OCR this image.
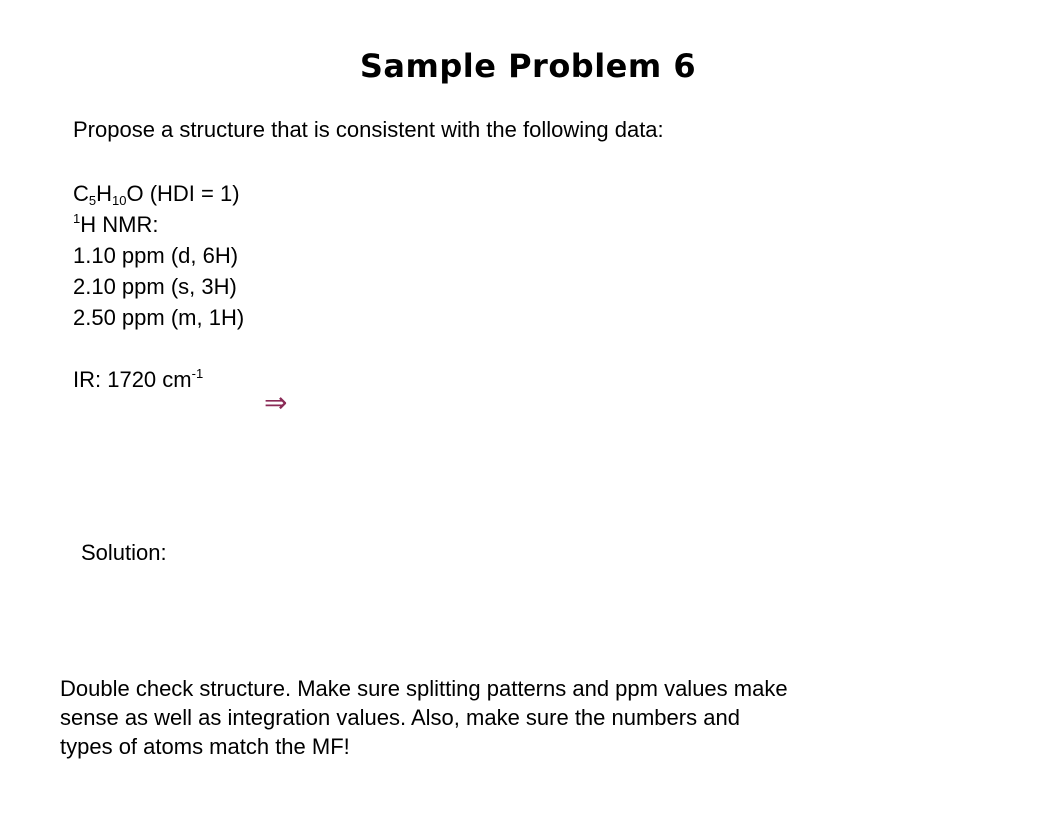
Sample Problem 6
Propose a structure that is consistent with the following data:
$C_5H_{10}O$ (HDI = 1)
$^1$H NMR:
1.10 ppm (d, 6H)
2.10 ppm (s, 3H)
2.50 ppm (m, 1H)
IR: 1720 $cm^{-1}$
⇒
Solution:
Double check structure. Make sure splitting patterns and ppm values make
sense as well as integration values. Also, make sure the numbers and
types of atoms match the MF!
